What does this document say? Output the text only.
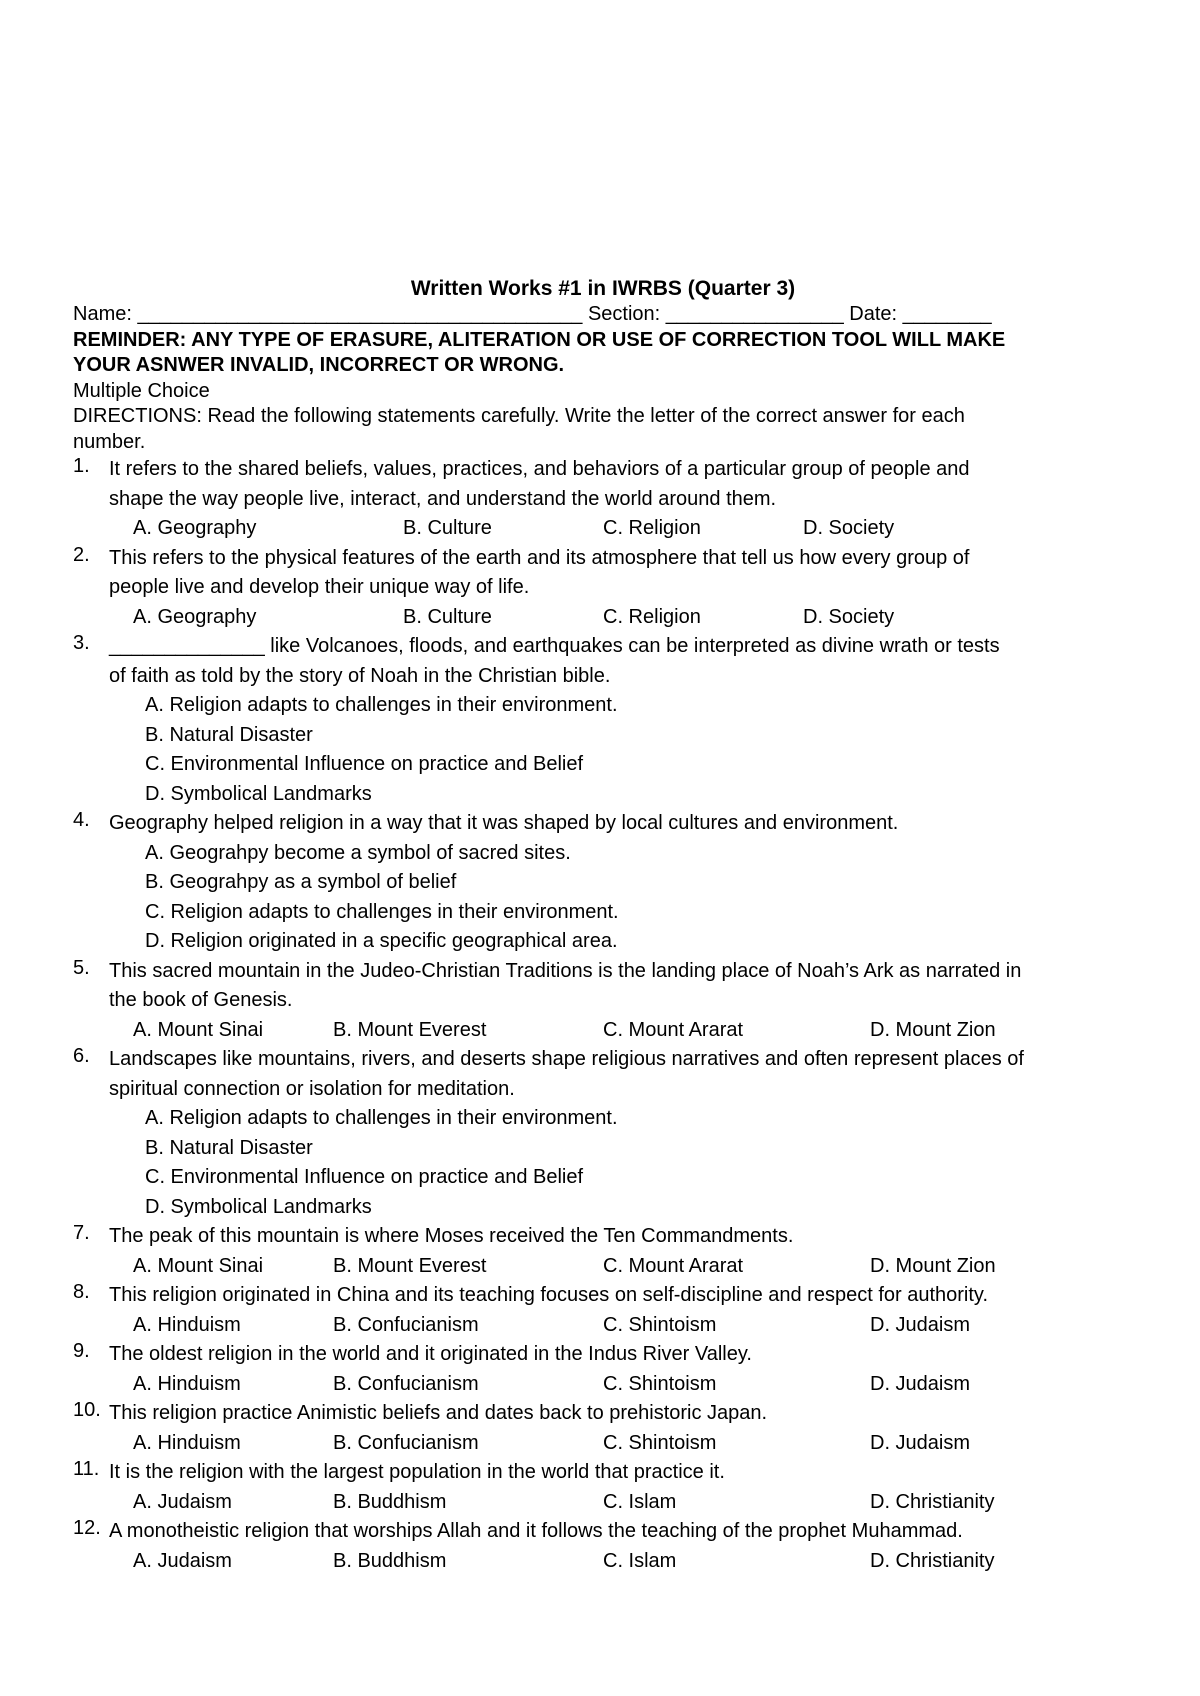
Written Works #1 in IWRBS (Quarter 3)
Name: ________________________________________ Section: ________________ Date: ________
REMINDER: ANY TYPE OF ERASURE, ALITERATION OR USE OF CORRECTION TOOL WILL MAKE
YOUR ASNWER INVALID, INCORRECT OR WRONG.
Multiple Choice
DIRECTIONS: Read the following statements carefully. Write the letter of the correct answer for each
number.
1. It refers to the shared beliefs, values, practices, and behaviors of a particular group of people and
shape the way people live, interact, and understand the world around them.
A. Geography	B. Culture	C. Religion	D. Society
2. This refers to the physical features of the earth and its atmosphere that tell us how every group of
people live and develop their unique way of life.
A. Geography	B. Culture	C. Religion	D. Society
3. ______________ like Volcanoes, floods, and earthquakes can be interpreted as divine wrath or tests
of faith as told by the story of Noah in the Christian bible.
A. Religion adapts to challenges in their environment.
B. Natural Disaster
C. Environmental Influence on practice and Belief
D. Symbolical Landmarks
4. Geography helped religion in a way that it was shaped by local cultures and environment.
A. Geograhpy become a symbol of sacred sites.
B. Geograhpy as a symbol of belief
C. Religion adapts to challenges in their environment.
D. Religion originated in a specific geographical area.
5. This sacred mountain in the Judeo-Christian Traditions is the landing place of Noah’s Ark as narrated in
the book of Genesis.
A. Mount Sinai	B. Mount Everest	C. Mount Ararat	D. Mount Zion
6. Landscapes like mountains, rivers, and deserts shape religious narratives and often represent places of
spiritual connection or isolation for meditation.
A. Religion adapts to challenges in their environment.
B. Natural Disaster
C. Environmental Influence on practice and Belief
D. Symbolical Landmarks
7. The peak of this mountain is where Moses received the Ten Commandments.
A. Mount Sinai	B. Mount Everest	C. Mount Ararat	D. Mount Zion
8. This religion originated in China and its teaching focuses on self-discipline and respect for authority.
A. Hinduism	B. Confucianism	C. Shintoism	D. Judaism
9. The oldest religion in the world and it originated in the Indus River Valley.
A. Hinduism	B. Confucianism	C. Shintoism	D. Judaism
10. This religion practice Animistic beliefs and dates back to prehistoric Japan.
A. Hinduism	B. Confucianism	C. Shintoism	D. Judaism
11. It is the religion with the largest population in the world that practice it.
A. Judaism	B. Buddhism	C. Islam	D. Christianity
12. A monotheistic religion that worships Allah and it follows the teaching of the prophet Muhammad.
A. Judaism	B. Buddhism	C. Islam	D. Christianity
